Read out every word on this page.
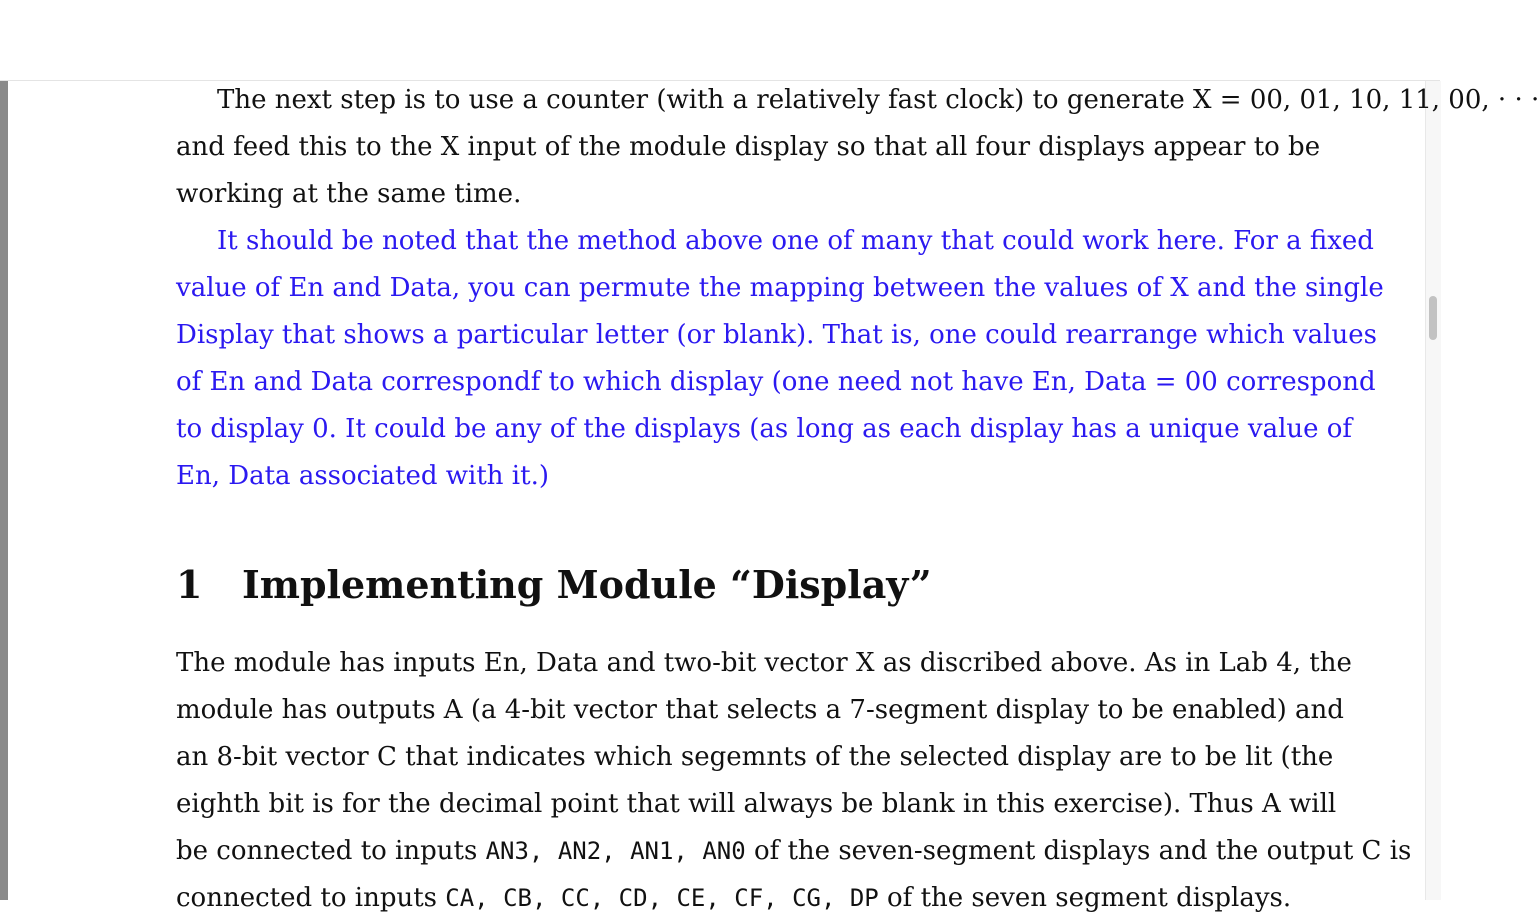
The next step is to use a counter (with a relatively fast clock) to generate X = 00, 01, 10, 11, 00, · · ·
and feed this to the X input of the module display so that all four displays appear to be
working at the same time.
It should be noted that the method above one of many that could work here. For a fixed
value of En and Data, you can permute the mapping between the values of X and the single
Display that shows a particular letter (or blank). That is, one could rearrange which values
of En and Data correspondf to which display (one need not have En, Data = 00 correspond
to display 0. It could be any of the displays (as long as each display has a unique value of
En, Data associated with it.)
1 Implementing Module “Display”
The module has inputs En, Data and two-bit vector X as discribed above. As in Lab 4, the
module has outputs A (a 4-bit vector that selects a 7-segment display to be enabled) and
an 8-bit vector C that indicates which segemnts of the selected display are to be lit (the
eighth bit is for the decimal point that will always be blank in this exercise). Thus A will
be connected to inputs AN3, AN2, AN1, AN0 of the seven-segment displays and the output C is
connected to inputs CA, CB, CC, CD, CE, CF, CG, DP of the seven segment displays.
